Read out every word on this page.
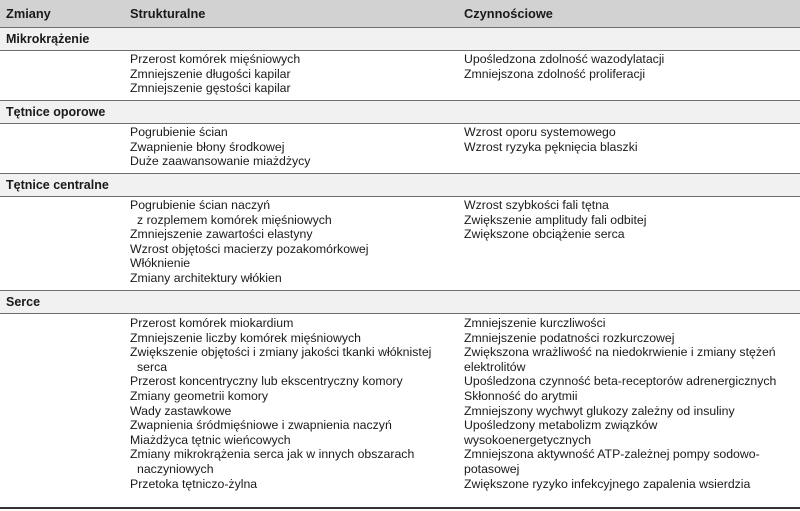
Zmiany	Strukturalne	Czynnościowe
Mikrokrążenie
Przerost komórek mięśniowych
Zmniejszenie długości kapilar
Zmniejszenie gęstości kapilar
Upośledzona zdolność wazodylatacji
Zmniejszona zdolność proliferacji
Tętnice oporowe
Pogrubienie ścian
Zwapnienie błony środkowej
Duże zaawansowanie miażdżycy
Wzrost oporu systemowego
Wzrost ryzyka pęknięcia blaszki
Tętnice centralne
Pogrubienie ścian naczyń
z rozplemem komórek mięśniowych
Zmniejszenie zawartości elastyny
Wzrost objętości macierzy pozakomórkowej
Włóknienie
Zmiany architektury włókien
Wzrost szybkości fali tętna
Zwiększenie amplitudy fali odbitej
Zwiększone obciążenie serca
Serce
Przerost komórek miokardium
Zmniejszenie liczby komórek mięśniowych
Zwiększenie objętości i zmiany jakości tkanki włóknistej
serca
Przerost koncentryczny lub ekscentryczny komory
Zmiany geometrii komory
Wady zastawkowe
Zwapnienia śródmięśniowe i zwapnienia naczyń
Miażdżyca tętnic wieńcowych
Zmiany mikrokrążenia serca jak w innych obszarach
naczyniowych
Przetoka tętniczo-żylna
Zmniejszenie kurczliwości
Zmniejszenie podatności rozkurczowej
Zwiększona wrażliwość na niedokrwienie i zmiany stężeń
elektrolitów
Upośledzona czynność beta-receptorów adrenergicznych
Skłonność do arytmii
Zmniejszony wychwyt glukozy zależny od insuliny
Upośledzony metabolizm związków
wysokoenergetycznych
Zmniejszona aktywność ATP-zależnej pompy sodowo-
potasowej
Zwiększone ryzyko infekcyjnego zapalenia wsierdzia
